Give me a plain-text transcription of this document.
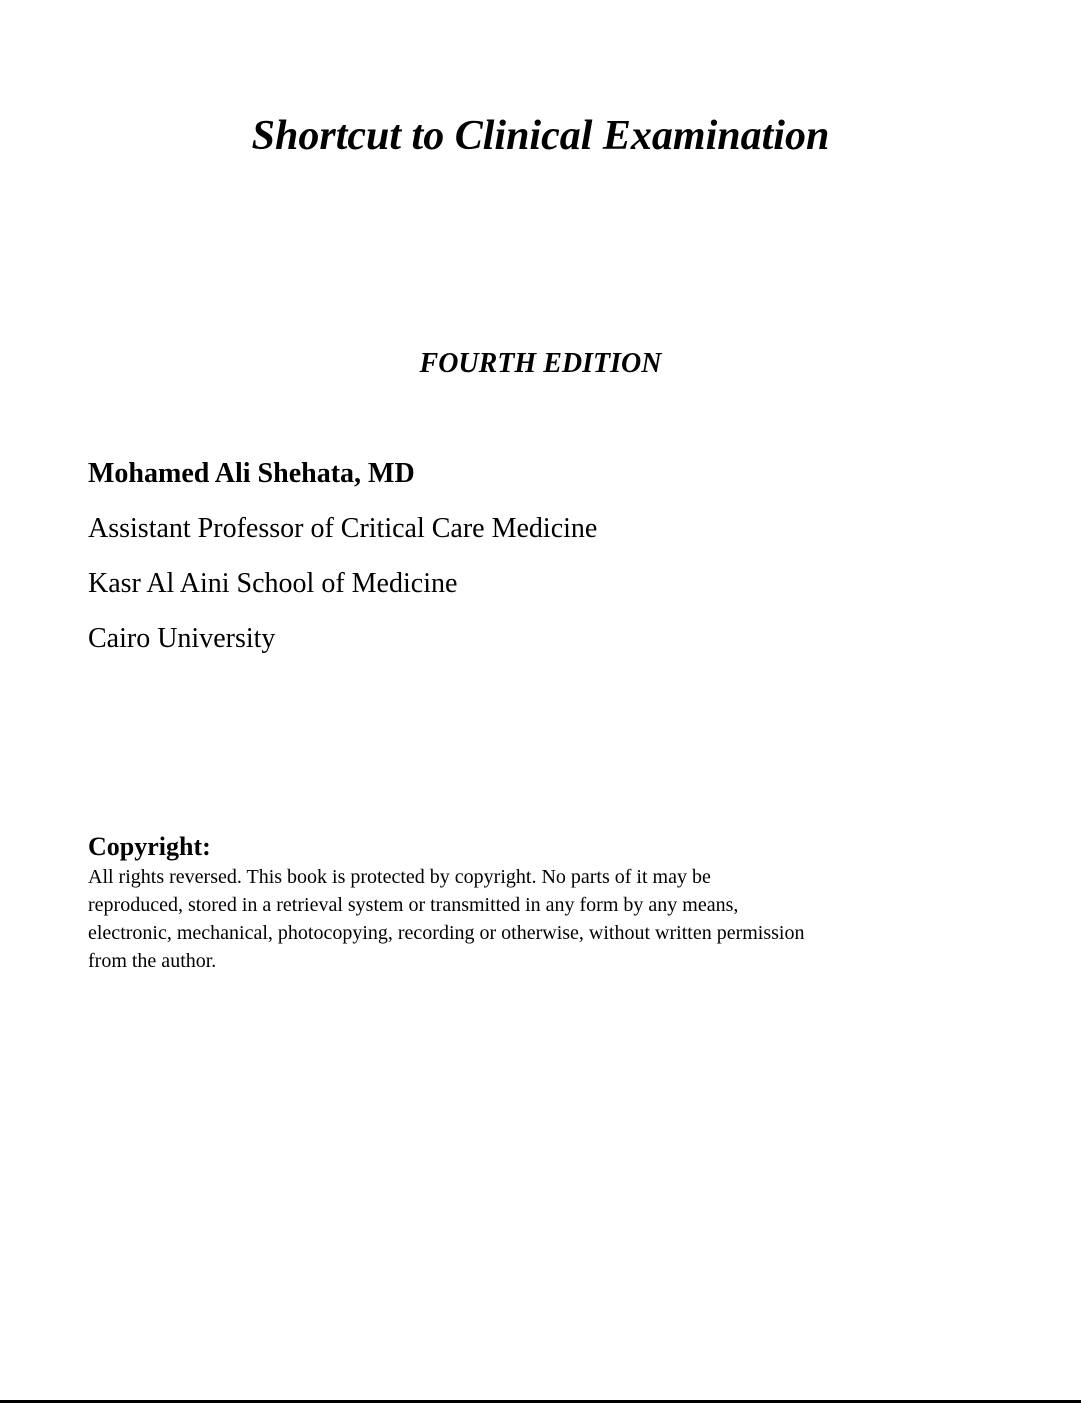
Shortcut to Clinical Examination
FOURTH EDITION
Mohamed Ali Shehata, MD
Assistant Professor of Critical Care Medicine
Kasr Al Aini School of Medicine
Cairo University
Copyright:

All rights reversed. This book is protected by copyright. No parts of it may be reproduced, stored in a retrieval system or transmitted in any form by any means, electronic, mechanical, photocopying, recording or otherwise, without written permission from the author.
